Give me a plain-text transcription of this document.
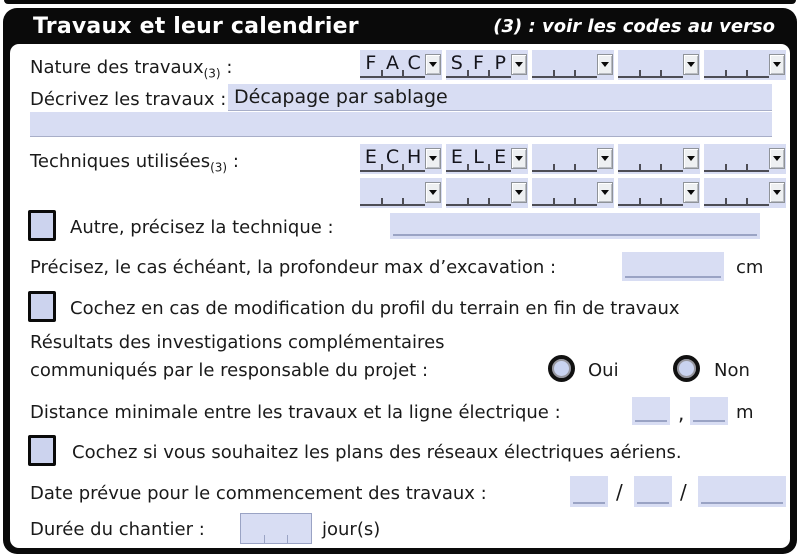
Travaux et leur calendrier	(3) : voir les codes au verso
Nature des travaux$_{(3)}$ :	F A C S F P
Décrivez les travaux : Décapage par sablage
Techniques utilisées$_{(3)}$ :	E C H E L E
Autre, précisez la technique :
Précisez, le cas échéant, la profondeur max d’excavation :	cm
Cochez en cas de modification du profil du terrain en fin de travaux
Résultats des investigations complémentaires
communiqués par le responsable du projet :	Oui	Non
Distance minimale entre les travaux et la ligne électrique :	,	m
Cochez si vous souhaitez les plans des réseaux électriques aériens.
Date prévue pour le commencement des travaux :	/	/
Durée du chantier :	jour(s)
